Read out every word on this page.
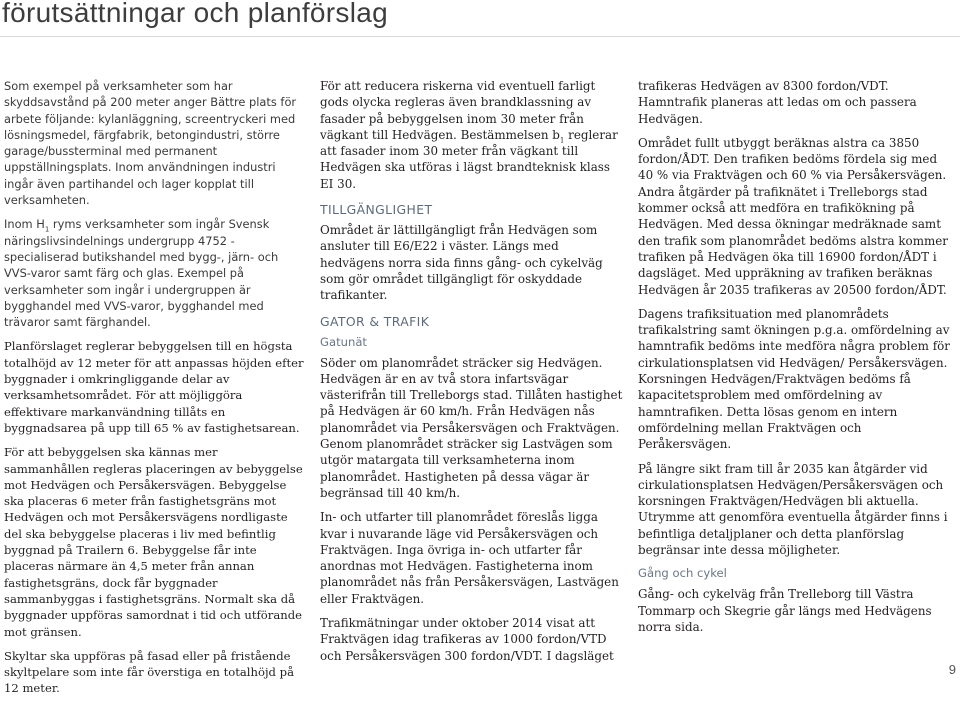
förutsättningar och planförslag

Som exempel på verksamheter som har skyddsavstånd på 200 meter anger Bättre plats för arbete följande: kylanläggning, screentryckeri med lösningsmedel, färgfabrik, betongindustri, större garage/bussterminal med permanent uppställningsplats. Inom användningen industri ingår även partihandel och lager kopplat till verksamheten.

Inom $H_1$ ryms verksamheter som ingår Svensk näringslivsindelnings undergrupp 4752 - specialiserad butikshandel med bygg-, järn- och VVS-varor samt färg och glas. Exempel på verksamheter som ingår i undergruppen är bygghandel med VVS-varor, bygghandel med trävaror samt färghandel.

Planförslaget reglerar bebyggelsen till en högsta totalhöjd av 12 meter för att anpassas höjden efter byggnader i omkringliggande delar av verksamhetsområdet. För att möjliggöra effektivare markanvändning tillåts en byggnadsarea på upp till 65 % av fastighetsarean.

För att bebyggelsen ska kännas mer sammanhållen regleras placeringen av bebyggelse mot Hedvägen och Persåkersvägen. Bebyggelse ska placeras 6 meter från fastighetsgräns mot Hedvägen och mot Persåkersvägens nordligaste del ska bebyggelse placeras i liv med befintlig byggnad på Trailern 6. Bebyggelse får inte placeras närmare än 4,5 meter från annan fastighetsgräns, dock får byggnader sammanbyggas i fastighetsgräns. Normalt ska då byggnader uppföras samordnat i tid och utförande mot gränsen.

Skyltar ska uppföras på fasad eller på fristående skyltpelare som inte får överstiga en totalhöjd på 12 meter.

För att reducera riskerna vid eventuell farligt gods olycka regleras även brandklassning av fasader på bebyggelsen inom 30 meter från vägkant till Hedvägen. Bestämmelsen $b_1$ reglerar att fasader inom 30 meter från vägkant till Hedvägen ska utföras i lägst brandteknisk klass EI 30.

TILLGÄNGLIGHET

Området är lättillgängligt från Hedvägen som ansluter till E6/E22 i väster. Längs med hedvägens norra sida finns gång- och cykelväg som gör området tillgängligt för oskyddade trafikanter.

GATOR & TRAFIK
Gatunät

Söder om planområdet sträcker sig Hedvägen. Hedvägen är en av två stora infartsvägar västerifrån till Trelleborgs stad. Tillåten hastighet på Hedvägen är 60 km/h. Från Hedvägen nås planområdet via Persåkersvägen och Fraktvägen. Genom planområdet sträcker sig Lastvägen som utgör matargata till verksamheterna inom planområdet. Hastigheten på dessa vägar är begränsad till 40 km/h.

In- och utfarter till planområdet föreslås ligga kvar i nuvarande läge vid Persåkersvägen och Fraktvägen. Inga övriga in- och utfarter får anordnas mot Hedvägen. Fastigheterna inom planområdet nås från Persåkersvägen, Lastvägen eller Fraktvägen.

Trafikmätningar under oktober 2014 visat att Fraktvägen idag trafikeras av 1000 fordon/VTD och Persåkersvägen 300 fordon/VDT. I dagsläget

trafikeras Hedvägen av 8300 fordon/VDT. Hamntrafik planeras att ledas om och passera Hedvägen.

Området fullt utbyggt beräknas alstra ca 3850 fordon/ÅDT. Den trafiken bedöms fördela sig med 40 % via Fraktvägen och 60 % via Persåkersvägen. Andra åtgärder på trafiknätet i Trelleborgs stad kommer också att medföra en trafikökning på Hedvägen. Med dessa ökningar medräknade samt den trafik som planområdet bedöms alstra kommer trafiken på Hedvägen öka till 16900 fordon/ÅDT i dagsläget. Med uppräkning av trafiken beräknas Hedvägen år 2035 trafikeras av 20500 fordon/ÅDT.

Dagens trafiksituation med planområdets trafikalstring samt ökningen p.g.a. omfördelning av hamntrafik bedöms inte medföra några problem för cirkulationsplatsen vid Hedvägen/ Persåkersvägen. Korsningen Hedvägen/Fraktvägen bedöms få kapacitetsproblem med omfördelning av hamntrafiken. Detta lösas genom en intern omfördelning mellan Fraktvägen och Peråkersvägen.

På längre sikt fram till år 2035 kan åtgärder vid cirkulationsplatsen Hedvägen/Persåkersvägen och korsningen Fraktvägen/Hedvägen bli aktuella. Utrymme att genomföra eventuella åtgärder finns i befintliga detaljplaner och detta planförslag begränsar inte dessa möjligheter.

Gång och cykel

Gång- och cykelväg från Trelleborg till Västra Tommarp och Skegrie går längs med Hedvägens norra sida.

9
